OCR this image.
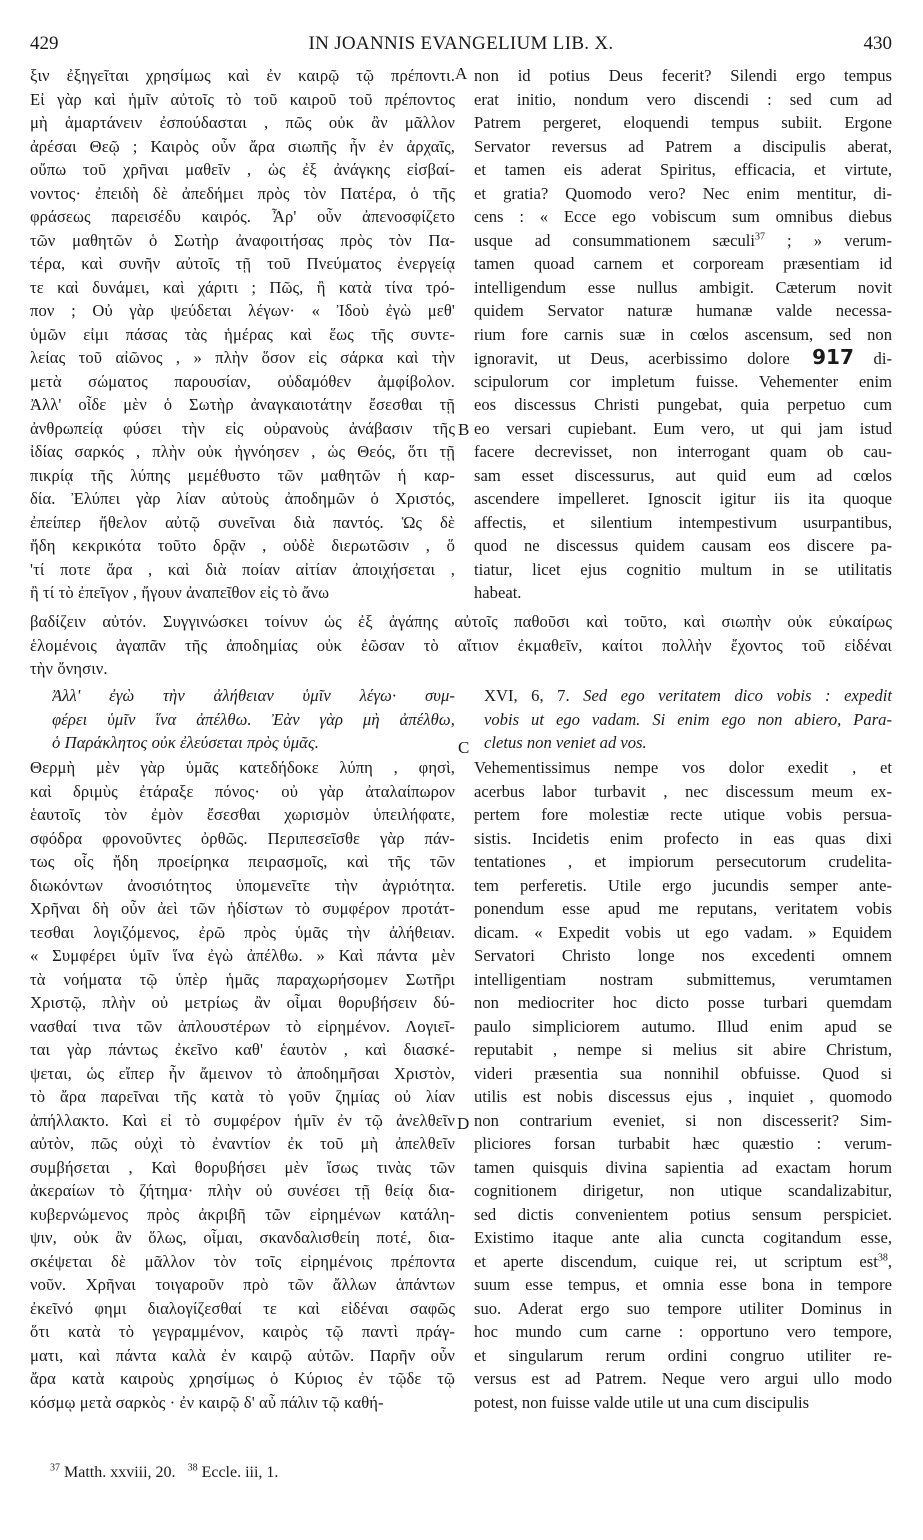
429	IN JOANNIS EVANGELIUM LIB. X.	430
ξιν ἐξηγεῖται χρησίμως καὶ ἐν καιρῷ τῷ πρέποντι.
Εἰ γὰρ καὶ ἡμῖν αὐτοῖς τὸ τοῦ καιροῦ τοῦ πρέποντος
μὴ ἁμαρτάνειν ἐσπούδασται , πῶς οὐκ ἂν μᾶλλον
ἀρέσαι Θεῷ ; Καιρὸς οὖν ἄρα σιωπῆς ἦν ἐν ἀρχαῖς,
οὔπω τοῦ χρῆναι μαθεῖν , ὡς ἐξ ἀνάγκης εἰσβαί-
νοντος· ἐπειδὴ δὲ ἀπεδήμει πρὸς τὸν Πατέρα, ὁ τῆς
φράσεως παρεισέδυ καιρός. Ἆρ' οὖν ἀπενοσφίζετο
τῶν μαθητῶν ὁ Σωτὴρ ἀναφοιτήσας πρὸς τὸν Πα-
τέρα, καὶ συνῆν αὐτοῖς τῇ τοῦ Πνεύματος ἐνεργείᾳ
τε καὶ δυνάμει, καὶ χάριτι ; Πῶς, ἢ κατὰ τίνα τρό-
πον ; Οὐ γὰρ ψεύδεται λέγων· « Ἰδοὺ ἐγὼ μεθ'
ὑμῶν εἰμι πάσας τὰς ἡμέρας καὶ ἕως τῆς συντε-
λείας τοῦ αἰῶνος , » πλὴν ὅσον εἰς σάρκα καὶ τὴν
μετὰ σώματος παρουσίαν, οὐδαμόθεν ἀμφίβολον.
Ἀλλ' οἶδε μὲν ὁ Σωτὴρ ἀναγκαιοτάτην ἔσεσθαι τῇ
ἀνθρωπείᾳ φύσει τὴν εἰς οὐρανοὺς ἀνάβασιν τῆς
ἰδίας σαρκός , πλὴν οὐκ ἠγνόησεν , ὡς Θεός, ὅτι τῇ
πικρίᾳ τῆς λύπης μεμέθυστο τῶν μαθητῶν ἡ καρ-
δία. Ἐλύπει γὰρ λίαν αὐτοὺς ἀποδημῶν ὁ Χριστός,
ἐπείπερ ἤθελον αὐτῷ συνεῖναι διὰ παντός. Ὡς δὲ
ἤδη κεκρικότα τοῦτο δρᾷν , οὐδὲ διερωτῶσιν , ὅ
'τί ποτε ἄρα , καὶ διὰ ποίαν αἰτίαν ἀποιχήσεται ,
ἢ τί τὸ ἐπεῖγον , ἤγουν ἀναπεῖθον εἰς τὸ ἄνω
non id potius Deus fecerit? Silendi ergo tempus
erat initio, nondum vero discendi : sed cum ad
Patrem pergeret, eloquendi tempus subiit. Ergone
Servator reversus ad Patrem a discipulis aberat,
et tamen eis aderat Spiritus, efficacia, et virtute,
et gratia? Quomodo vero? Nec enim mentitur, di-
cens : « Ecce ego vobiscum sum omnibus diebus
usque ad consummationem sæculi$^{37}$ ; » verum-
tamen quoad carnem et corpoream præsentiam id
intelligendum esse nullus ambigit. Cæterum novit
quidem Servator naturæ humanæ valde necessa-
rium fore carnis suæ in cœlos ascensum, sed non
ignoravit, ut Deus, acerbissimo dolore 917 di-
scipulorum cor impletum fuisse. Vehementer enim
eos discessus Christi pungebat, quia perpetuo cum
eo versari cupiebant. Eum vero, ut qui jam istud
facere decrevisset, non interrogant quam ob cau-
sam esset discessurus, aut quid eum ad cœlos
ascendere impelleret. Ignoscit igitur iis ita quoque
affectis, et silentium intempestivum usurpantibus,
quod ne discessus quidem causam eos discere pa-
tiatur, licet ejus cognitio multum in se utilitatis
habeat.
βαδίζειν αὐτόν. Συγγινώσκει τοίνυν ὡς ἐξ ἀγάπης αὐτοῖς παθοῦσι καὶ τοῦτο, καὶ σιωπὴν οὐκ εὐκαίρως
ἑλομένοις ἀγαπᾶν τῆς ἀποδημίας οὐκ ἐῶσαν τὸ αἴτιον ἐκμαθεῖν, καίτοι πολλὴν ἔχοντος τοῦ εἰδέναι
τὴν ὄνησιν.
Ἀλλ' ἐγὼ τὴν ἀλήθειαν ὑμῖν λέγω· συμ-
φέρει ὑμῖν ἵνα ἀπέλθω. Ἐὰν γὰρ μὴ ἀπέλθω,
ὁ Παράκλητος οὐκ ἐλεύσεται πρὸς ὑμᾶς.
XVI, 6, 7. Sed ego veritatem dico vobis : expedit
vobis ut ego vadam. Si enim ego non abiero, Para-
cletus non veniet ad vos.
Θερμὴ μὲν γὰρ ὑμᾶς κατεδήδοκε λύπη , φησὶ,
καὶ δριμὺς ἐτάραξε πόνος· οὐ γὰρ ἀταλαίπωρον
ἑαυτοῖς τὸν ἐμὸν ἔσεσθαι χωρισμὸν ὑπειλήφατε,
σφόδρα φρονοῦντες ὀρθῶς. Περιπεσεῖσθε γὰρ πάν-
τως οἷς ἤδη προείρηκα πειρασμοῖς, καὶ τῆς τῶν
διωκόντων ἀνοσιότητος ὑπομενεῖτε τὴν ἀγριότητα.
Χρῆναι δὴ οὖν ἀεὶ τῶν ἡδίστων τὸ συμφέρον προτάτ-
τεσθαι λογιζόμενος, ἐρῶ πρὸς ὑμᾶς τὴν ἀλήθειαν.
« Συμφέρει ὑμῖν ἵνα ἐγὼ ἀπέλθω. » Καὶ πάντα μὲν
τὰ νοήματα τῷ ὑπὲρ ἡμᾶς παραχωρήσομεν Σωτῆρι
Χριστῷ, πλὴν οὐ μετρίως ἂν οἶμαι θορυβήσειν δύ-
νασθαί τινα τῶν ἀπλουστέρων τὸ εἰρημένον. Λογιεῖ-
ται γὰρ πάντως ἐκεῖνο καθ' ἑαυτὸν , καὶ διασκέ-
ψεται, ὡς εἴπερ ἦν ἄμεινον τὸ ἀποδημῆσαι Χριστὸν,
τὸ ἄρα παρεῖναι τῆς κατὰ τὸ γοῦν ζημίας οὐ λίαν
ἀπήλλακτο. Καὶ εἰ τὸ συμφέρον ἡμῖν ἐν τῷ ἀνελθεῖν
αὐτὸν, πῶς οὐχὶ τὸ ἐναντίον ἐκ τοῦ μὴ ἀπελθεῖν
συμβήσεται , Καὶ θορυβήσει μὲν ἴσως τινὰς τῶν
ἀκεραίων τὸ ζήτημα· πλὴν οὐ συνέσει τῇ θείᾳ δια-
κυβερνώμενος πρὸς ἀκριβῆ τῶν εἰρημένων κατάλη-
ψιν, οὐκ ἂν ὅλως, οἶμαι, σκανδαλισθείη ποτέ, δια-
σκέψεται δὲ μᾶλλον τὸν τοῖς εἰρημένοις πρέποντα
νοῦν. Χρῆναι τοιγαροῦν πρὸ τῶν ἄλλων ἁπάντων
ἐκεῖνό φημι διαλογίζεσθαί τε καὶ εἰδέναι σαφῶς
ὅτι κατὰ τὸ γεγραμμένον, καιρὸς τῷ παντὶ πράγ-
ματι, καὶ πάντα καλὰ ἐν καιρῷ αὐτῶν. Παρῆν οὖν
ἄρα κατὰ καιροὺς χρησίμως ὁ Κύριος ἐν τῷδε τῷ
κόσμῳ μετὰ σαρκὸς · ἐν καιρῷ δ' αὖ πάλιν τῷ καθή-
Vehementissimus nempe vos dolor exedit , et
acerbus labor turbavit , nec discessum meum ex-
pertem fore molestiæ recte utique vobis persua-
sistis. Incidetis enim profecto in eas quas dixi
tentationes , et impiorum persecutorum crudelita-
tem perferetis. Utile ergo jucundis semper ante-
ponendum esse apud me reputans, veritatem vobis
dicam. « Expedit vobis ut ego vadam. » Equidem
Servatori Christo longe nos excedenti omnem
intelligentiam nostram submittemus, verumtamen
non mediocriter hoc dicto posse turbari quemdam
paulo simpliciorem autumo. Illud enim apud se
reputabit , nempe si melius sit abire Christum,
videri præsentia sua nonnihil obfuisse. Quod si
utilis est nobis discessus ejus , inquiet , quomodo
non contrarium eveniet, si non discesserit? Sim-
pliciores forsan turbabit hæc quæstio : verum-
tamen quisquis divina sapientia ad exactam horum
cognitionem dirigetur, non utique scandalizabitur,
sed dictis convenientem potius sensum perspiciet.
Existimo itaque ante alia cuncta cogitandum esse,
et aperte discendum, cuique rei, ut scriptum est$^{38}$,
suum esse tempus, et omnia esse bona in tempore
suo. Aderat ergo suo tempore utiliter Dominus in
hoc mundo cum carne : opportuno vero tempore,
et singularum rerum ordini congruo utiliter re-
versus est ad Patrem. Neque vero argui ullo modo
potest, non fuisse valde utile ut una cum discipulis
A
B
C
D
$^{37}$ Matth. xxviii, 20. $^{38}$ Eccle. iii, 1.
